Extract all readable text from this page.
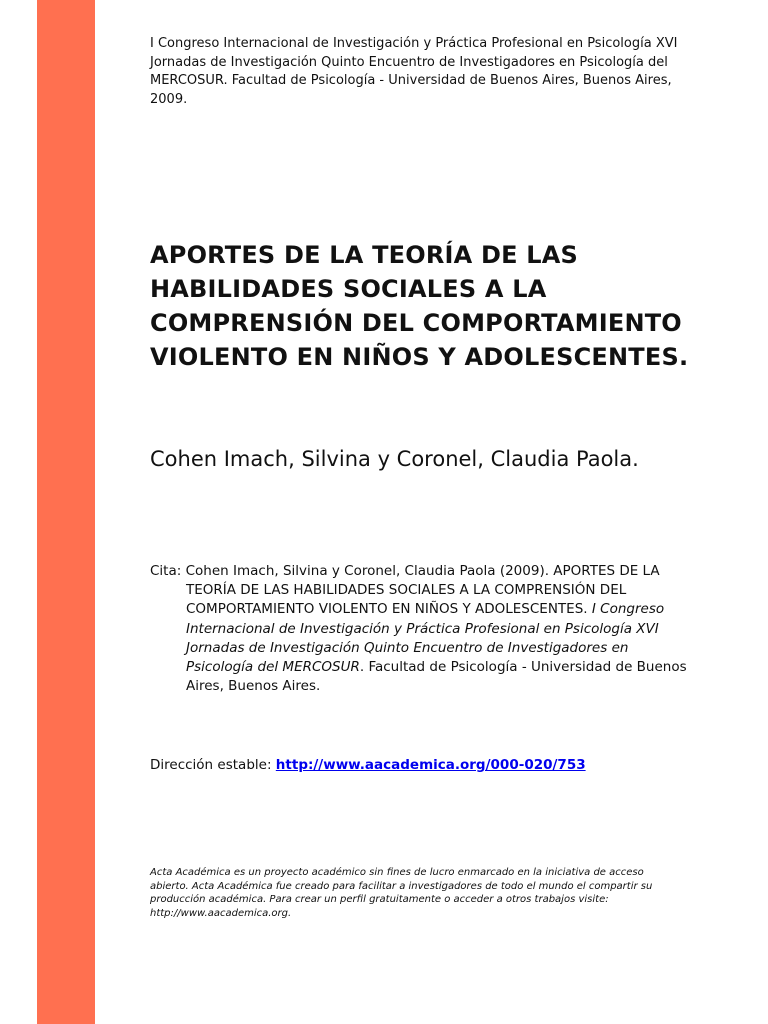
I Congreso Internacional de Investigación y Práctica Profesional en Psicología XVI Jornadas de Investigación Quinto Encuentro de Investigadores en Psicología del MERCOSUR. Facultad de Psicología - Universidad de Buenos Aires, Buenos Aires, 2009.
APORTES DE LA TEORÍA DE LAS HABILIDADES SOCIALES A LA COMPRENSIÓN DEL COMPORTAMIENTO VIOLENTO EN NIÑOS Y ADOLESCENTES.
Cohen Imach, Silvina y Coronel, Claudia Paola.
Cita: Cohen Imach, Silvina y Coronel, Claudia Paola (2009). APORTES DE LA TEORÍA DE LAS HABILIDADES SOCIALES A LA COMPRENSIÓN DEL COMPORTAMIENTO VIOLENTO EN NIÑOS Y ADOLESCENTES. I Congreso Internacional de Investigación y Práctica Profesional en Psicología XVI Jornadas de Investigación Quinto Encuentro de Investigadores en Psicología del MERCOSUR. Facultad de Psicología - Universidad de Buenos Aires, Buenos Aires.
Dirección estable: http://www.aacademica.org/000-020/753
Acta Académica es un proyecto académico sin fines de lucro enmarcado en la iniciativa de acceso abierto. Acta Académica fue creado para facilitar a investigadores de todo el mundo el compartir su producción académica. Para crear un perfil gratuitamente o acceder a otros trabajos visite: http://www.aacademica.org.
